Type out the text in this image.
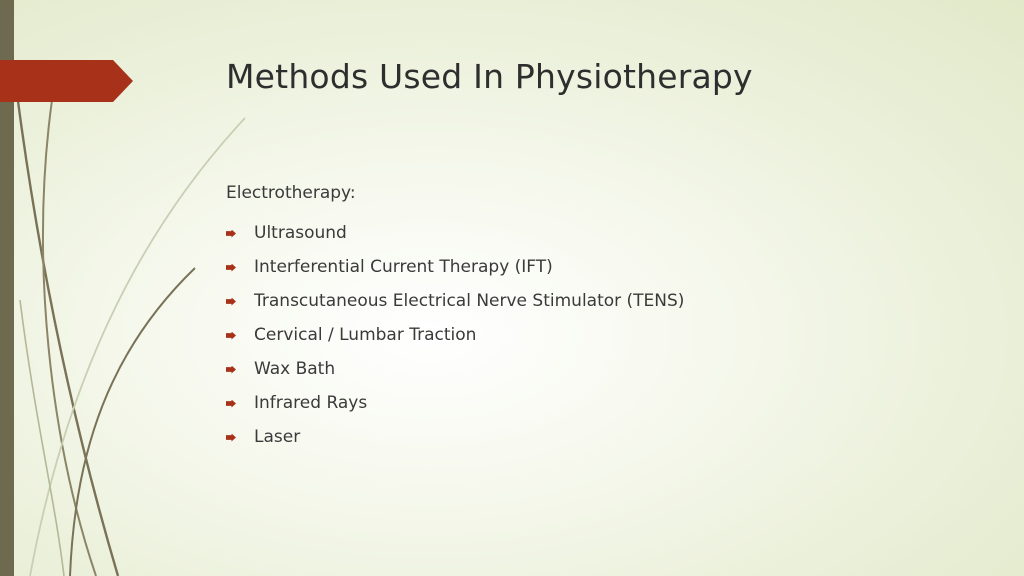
Methods Used In Physiotherapy
Electrotherapy:
Ultrasound
Interferential Current Therapy (IFT)
Transcutaneous Electrical Nerve Stimulator (TENS)
Cervical / Lumbar Traction
Wax Bath
Infrared Rays
Laser
